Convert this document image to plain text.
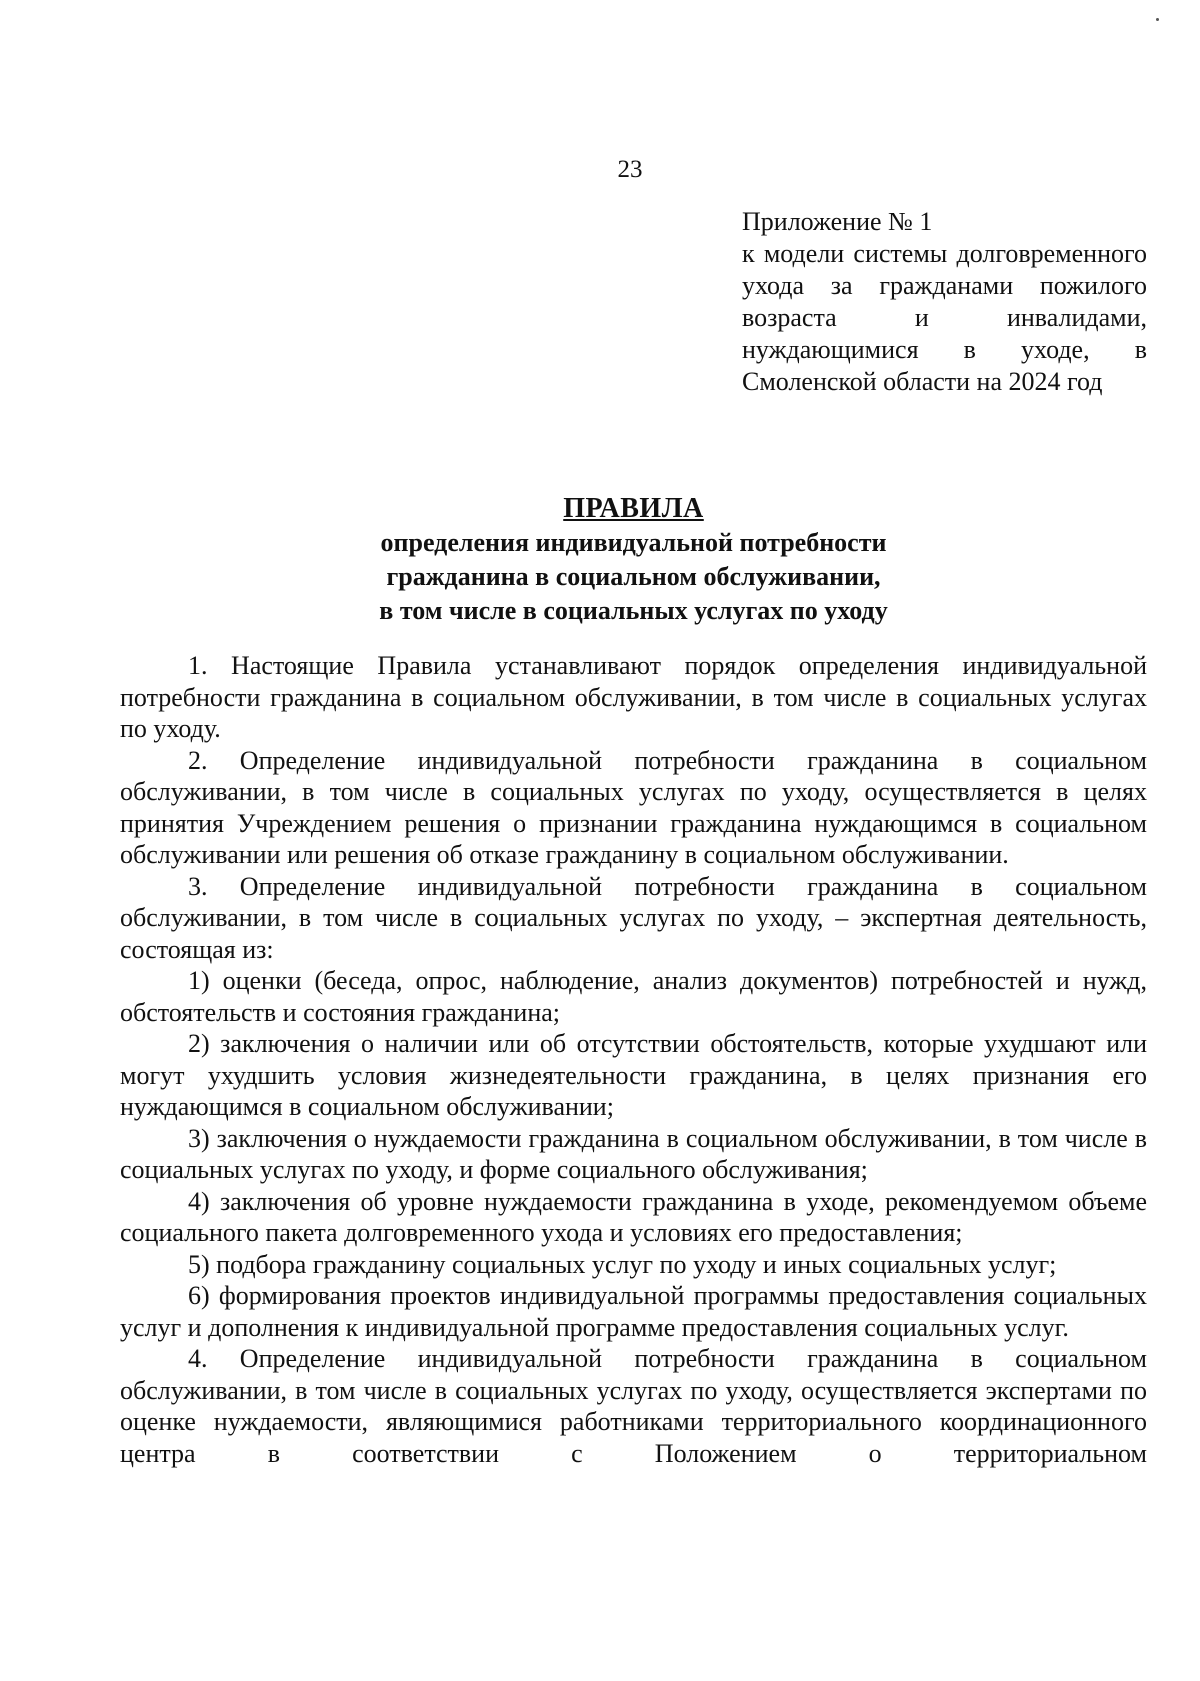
23
Приложение № 1
к модели системы долговременного ухода за гражданами пожилого возраста и инвалидами, нуждающимися в уходе, в Смоленской области на 2024 год
ПРАВИЛА
определения индивидуальной потребности
гражданина в социальном обслуживании,
в том числе в социальных услугах по уходу

1. Настоящие Правила устанавливают порядок определения индивидуальной потребности гражданина в социальном обслуживании, в том числе в социальных услугах по уходу.

2. Определение индивидуальной потребности гражданина в социальном обслуживании, в том числе в социальных услугах по уходу, осуществляется в целях принятия Учреждением решения о признании гражданина нуждающимся в социальном обслуживании или решения об отказе гражданину в социальном обслуживании.

3. Определение индивидуальной потребности гражданина в социальном обслуживании, в том числе в социальных услугах по уходу, – экспертная деятельность, состоящая из:

1) оценки (беседа, опрос, наблюдение, анализ документов) потребностей и нужд, обстоятельств и состояния гражданина;

2) заключения о наличии или об отсутствии обстоятельств, которые ухудшают или могут ухудшить условия жизнедеятельности гражданина, в целях признания его нуждающимся в социальном обслуживании;

3) заключения о нуждаемости гражданина в социальном обслуживании, в том числе в социальных услугах по уходу, и форме социального обслуживания;

4) заключения об уровне нуждаемости гражданина в уходе, рекомендуемом объеме социального пакета долговременного ухода и условиях его предоставления;

5) подбора гражданину социальных услуг по уходу и иных социальных услуг;

6) формирования проектов индивидуальной программы предоставления социальных услуг и дополнения к индивидуальной программе предоставления социальных услуг.

4. Определение индивидуальной потребности гражданина в социальном обслуживании, в том числе в социальных услугах по уходу, осуществляется экспертами по оценке нуждаемости, являющимися работниками территориального координационного центра в соответствии с Положением о территориальном
